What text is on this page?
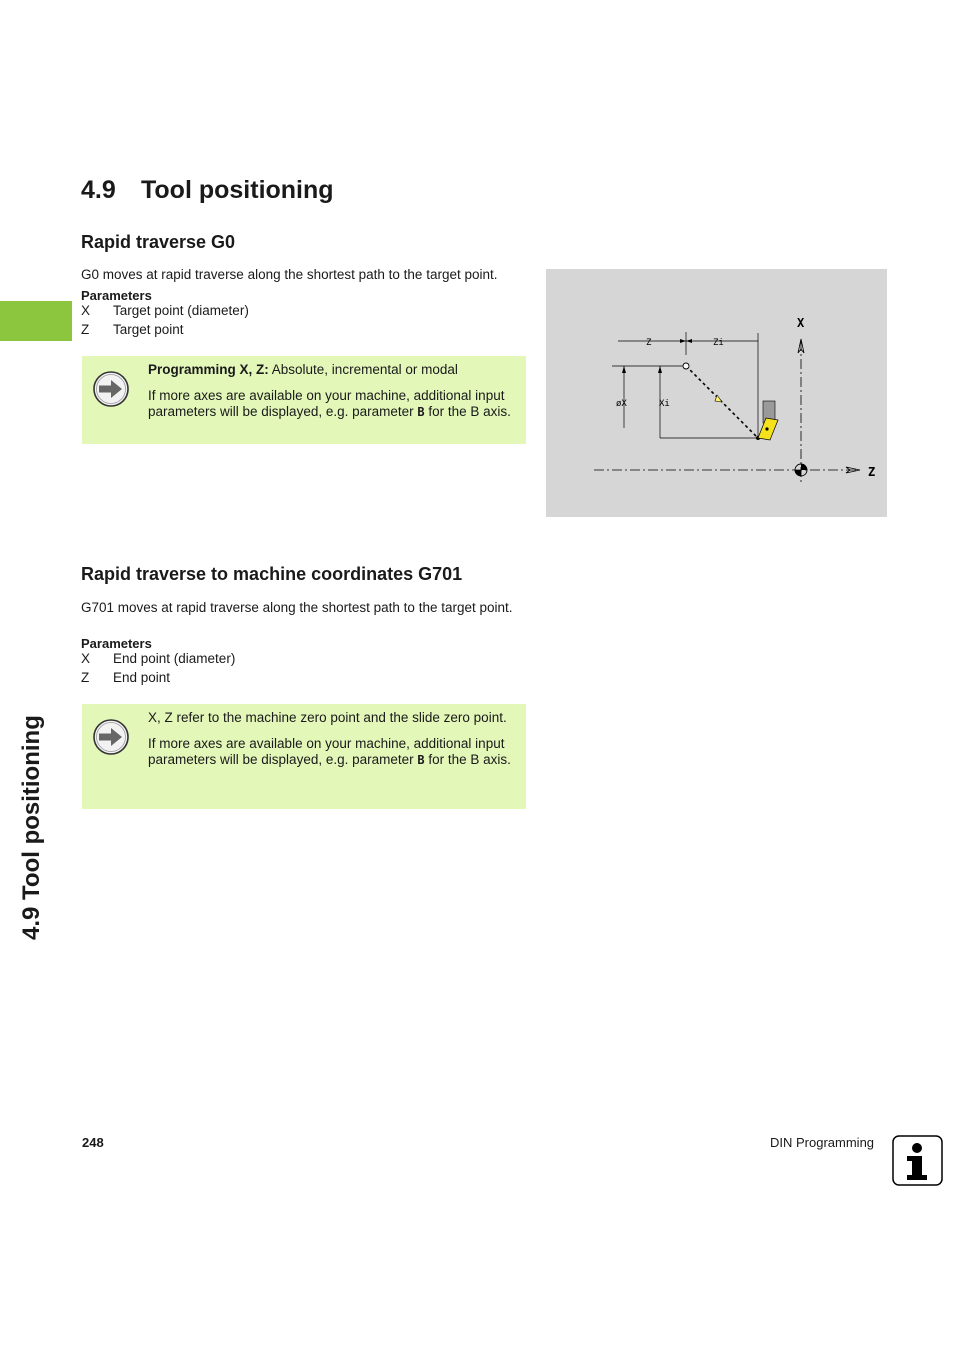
4.9 Tool positioning
4.9 Tool positioning
Rapid traverse G0
G0 moves at rapid traverse along the shortest path to the target point.
Parameters
X Target point (diameter)
Z Target point

Programming X, Z: Absolute, incremental or modal

If more axes are available on your machine, additional input parameters will be displayed, e.g. parameter B for the B axis.

X
Z
Z	Zi
øX	Xi
Rapid traverse to machine coordinates G701
G701 moves at rapid traverse along the shortest path to the target point.
Parameters
X End point (diameter)
Z End point

X, Z refer to the machine zero point and the slide zero point.

If more axes are available on your machine, additional input parameters will be displayed, e.g. parameter B for the B axis.

248	DIN Programming
